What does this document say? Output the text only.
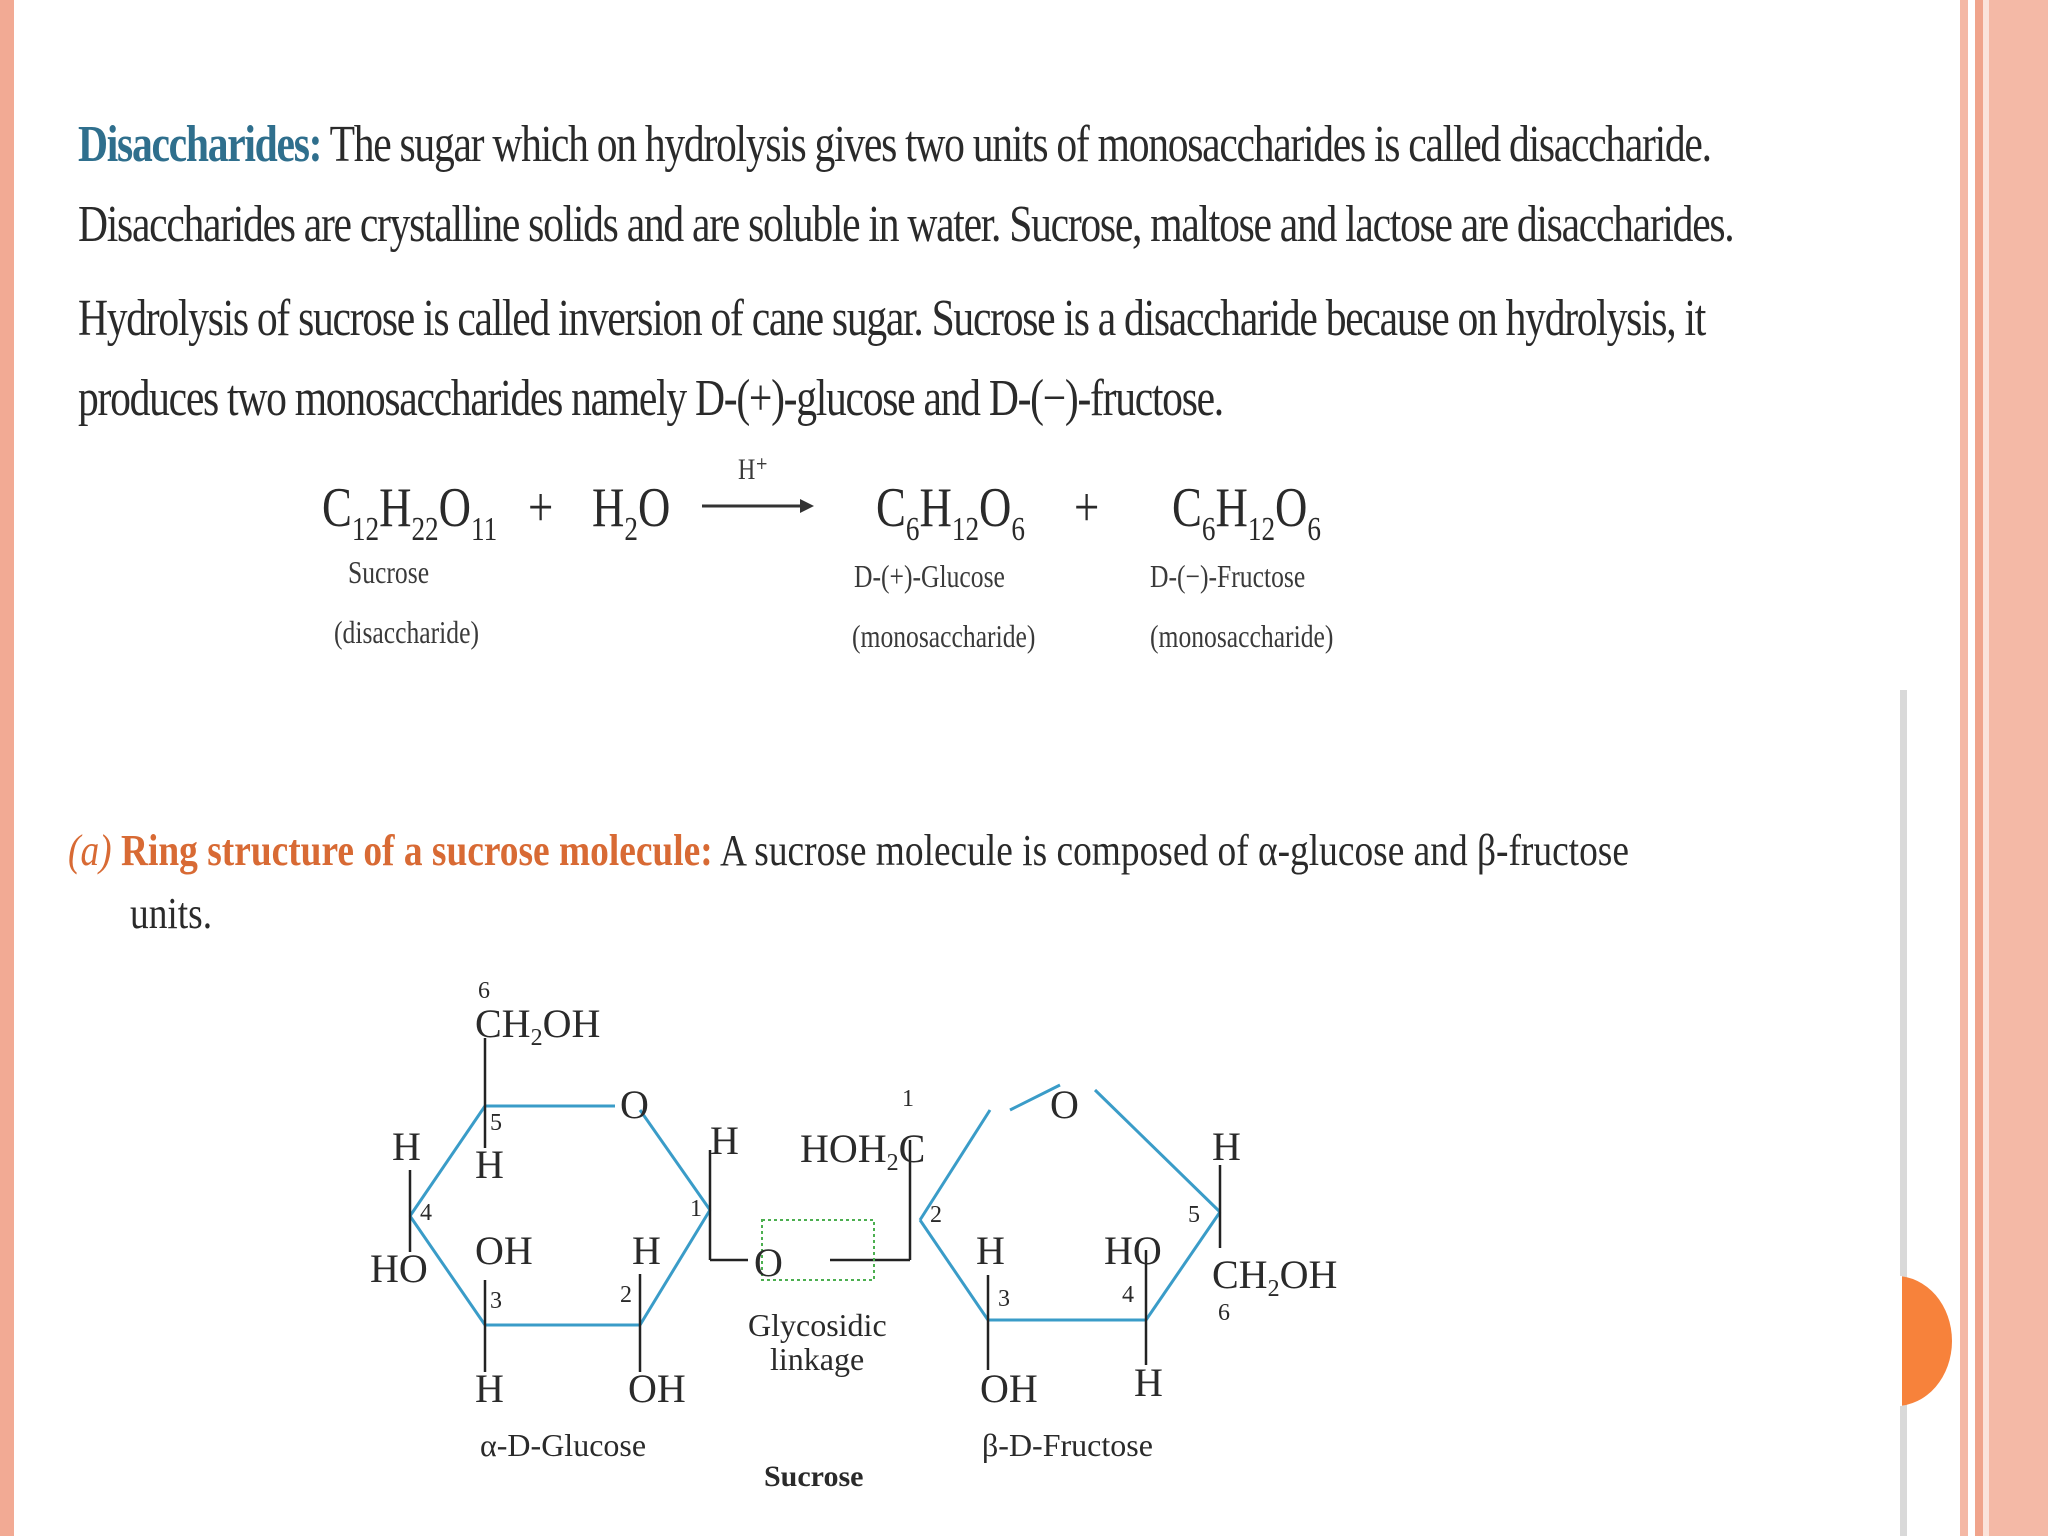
Disaccharides: The sugar which on hydrolysis gives two units of monosaccharides is called disaccharide.
Disaccharides are crystalline solids and are soluble in water. Sucrose, maltose and lactose are disaccharides.
Hydrolysis of sucrose is called inversion of cane sugar. Sucrose is a disaccharide because on hydrolysis, it
produces two monosaccharides namely D-(+)-glucose and D-(−)-fructose.
$C_{12}H_{22}O_{11} + H_2O$
H⁺
$C_6H_{12}O_6 + C_6H_{12}O_6$
Sucrose
(disaccharide)
D-(+)-Glucose
(monosaccharide)
D-(−)-Fructose
(monosaccharide)
(a) Ring structure of a sucrose molecule: A sucrose molecule is composed of α-glucose and β-fructose
units.
6
$CH_2OH$
O
H H
5
4
HO OH
3
H
2
1
H	OH
H
O
$HOH_2C$
1
2
O
H
3
HO
4
5
H
$CH_2OH$
6
OH H
Glycosidic
linkage
α-D-Glucose	β-D-Fructose
Sucrose
